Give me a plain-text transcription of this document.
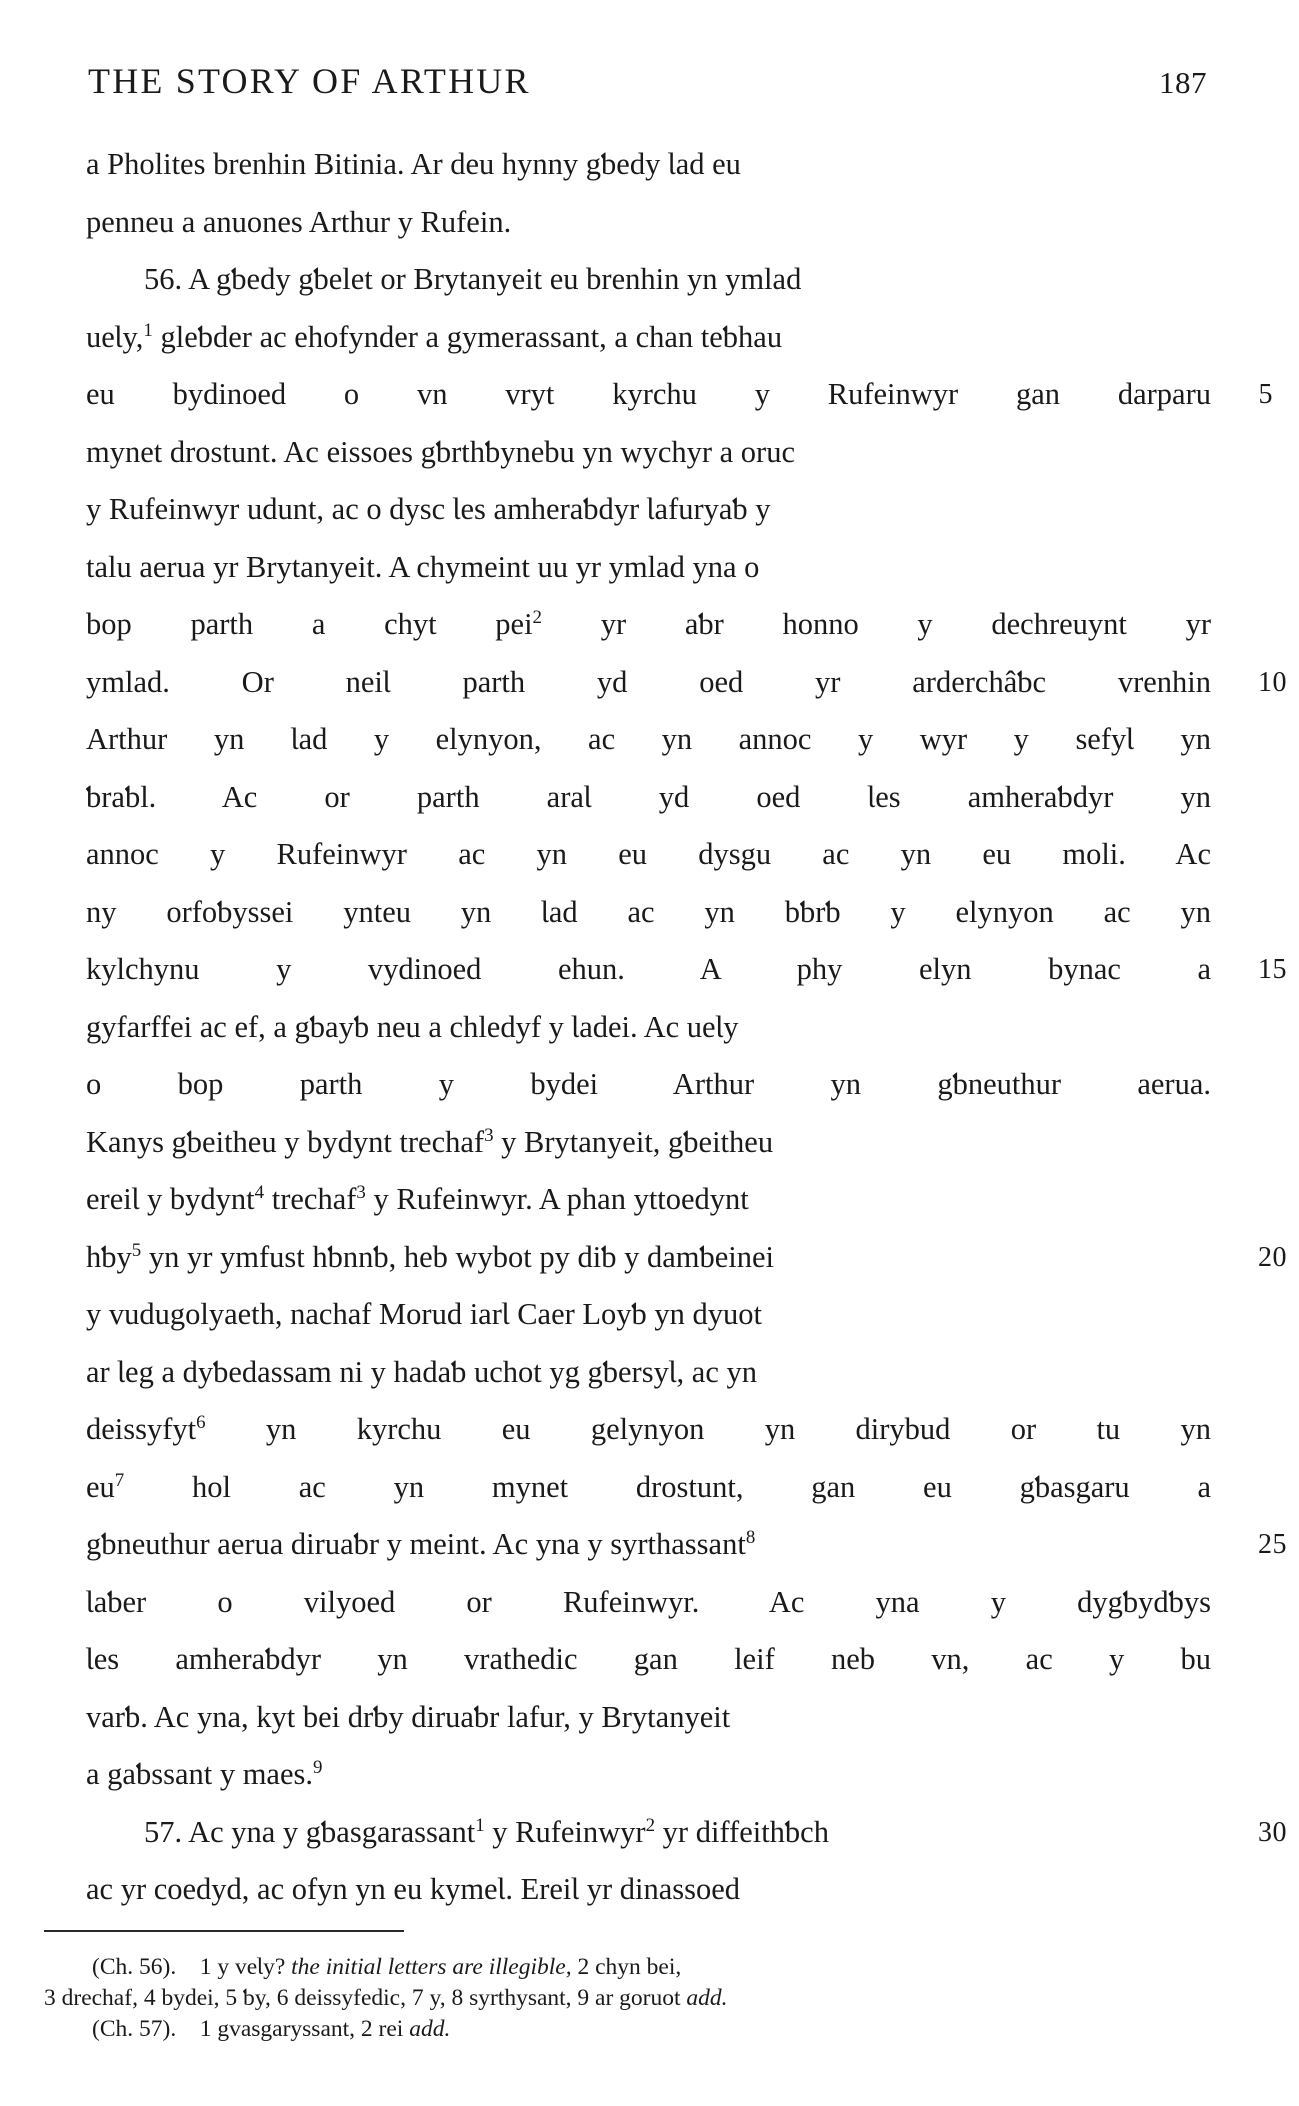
THE STORY OF ARTHUR	187
a Pholites brenhin Bitinia. Ar deu hynny gƅedy Ɩad eu
penneu a anuones Arthur y Rufein.
56. A gƅedy gƅelet or Brytanyeit eu brenhin yn ymlad
ueƖy,$^1$ gleƅder ac ehofynder a gymerassant, a chan teƅhau
eu bydinoed o vn vryt kyrchu y Rufeinwyr gan darparu 5
mynet drostunt. Ac eissoes gƅrthƅynebu yn wychyr a oruc
y Rufeinwyr udunt, ac o dysc Ɩes amheraƅdyr Ɩafuryaƅ y
talu aerua yr Brytanyeit. A chymeint uu yr ymlad yna o
bop parth a chyt pei$^2$ yr aƅr honno y dechreuynt yr
ymlad. Or neiƖ parth yd oed yr arderchâƅc vrenhin 10
Arthur yn Ɩad y elynyon, ac yn annoc y wyr y sefyƖ yn
ƅraƅl. Ac or parth araƖ yd oed Ɩes amheraƅdyr yn
annoc y Rufeinwyr ac yn eu dysgu ac yn eu moli. Ac
ny orfoƅyssei ynteu yn Ɩad ac yn bƅrƅ y elynyon ac yn
kylchynu y vydinoed ehun. A phy elyn bynac a 15
gyfarffei ac ef, a gƅayƅ neu a chledyf y Ɩadei. Ac ueƖy
o bop parth y bydei Arthur yn gƅneuthur aerua.
Kanys gƅeitheu y bydynt trechaf$^3$ y Brytanyeit, gƅeitheu
ereiƖ y bydynt$^4$ trechaf$^3$ y Rufeinwyr. A phan yttoedynt
hƅy$^5$ yn yr ymfust hƅnnƅ, heb wybot py diƅ y damƅeinei	20
y vudugolyaeth, nachaf Morud iarƖ Caer Loyƅ yn dyuot
ar Ɩeg a dyƅedassam ni y hadaƅ uchot yg gƅersyƖ, ac yn
deissyfyt$^6$ yn kyrchu eu gelynyon yn dirybud or tu yn
$eu^7$ hol ac yn mynet drostunt, gan eu gƅasgaru a
gƅneuthur aerua diruaƅr y meint. Ac yna y syrthassant$^8$	25
Ɩaƅer o vilyoed or Rufeinwyr. Ac yna y dygƅydƅys
Ɩes amheraƅdyr yn vrathedic gan leif neb vn, ac y bu
varƅ. Ac yna, kyt bei drƅy diruaƅr lafur, y Brytanyeit
a gaƅssant y maes.$^9$
57. Ac yna y gƅasgarassant$^1$ y Rufeinwyr$^2$ yr diffeithƅch	30
ac yr coedyd, ac ofyn yn eu kymeƖ. EreiƖ yr dinassoed
(Ch. 56). 1 y veƖy? the initial letters are illegible, 2 chyn bei,
3 drechaf, 4 bydei, 5 ƅy, 6 deissyfedic, 7 y, 8 syrthysant, 9 ar goruot add.
(Ch. 57). 1 gvasgaryssant, 2 rei add.
